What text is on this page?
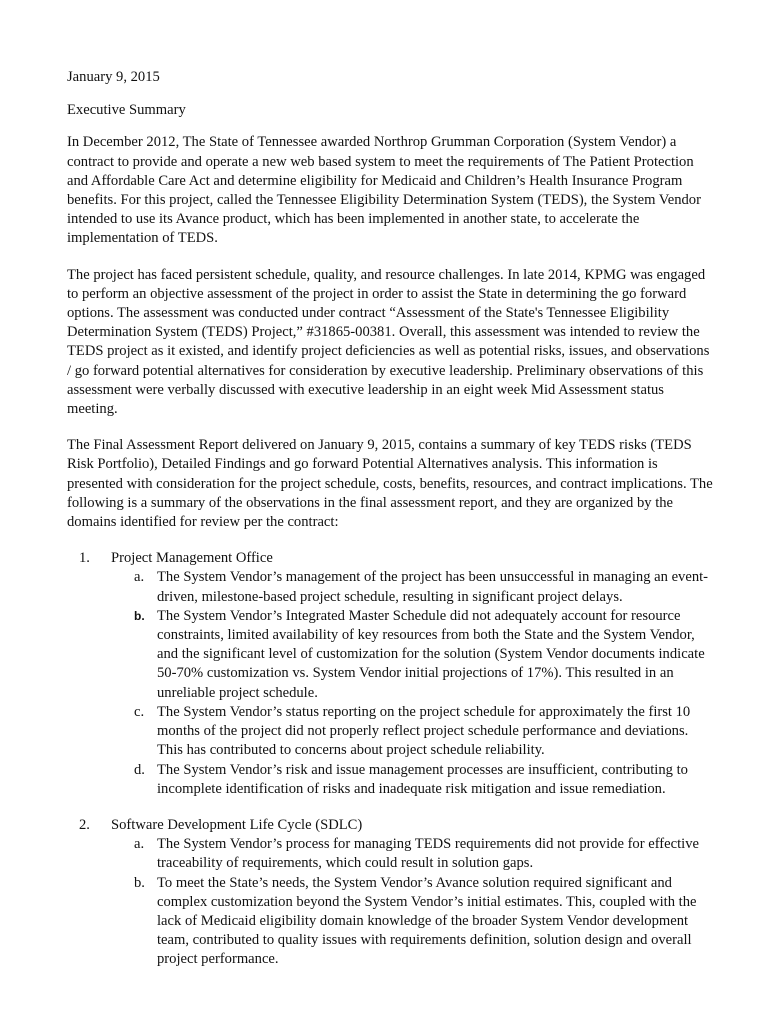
January 9, 2015

Executive Summary

In December 2012, The State of Tennessee awarded Northrop Grumman Corporation (System Vendor) a contract to provide and operate a new web based system to meet the requirements of The Patient Protection and Affordable Care Act and determine eligibility for Medicaid and Children’s Health Insurance Program benefits. For this project, called the Tennessee Eligibility Determination System (TEDS), the System Vendor intended to use its Avance product, which has been implemented in another state, to accelerate the implementation of TEDS.

The project has faced persistent schedule, quality, and resource challenges. In late 2014, KPMG was engaged to perform an objective assessment of the project in order to assist the State in determining the go forward options. The assessment was conducted under contract “Assessment of the State's Tennessee Eligibility Determination System (TEDS) Project,” #31865-00381. Overall, this assessment was intended to review the TEDS project as it existed, and identify project deficiencies as well as potential risks, issues, and observations / go forward potential alternatives for consideration by executive leadership. Preliminary observations of this assessment were verbally discussed with executive leadership in an eight week Mid Assessment status meeting.

The Final Assessment Report delivered on January 9, 2015, contains a summary of key TEDS risks (TEDS Risk Portfolio), Detailed Findings and go forward Potential Alternatives analysis. This information is presented with consideration for the project schedule, costs, benefits, resources, and contract implications. The following is a summary of the observations in the final assessment report, and they are organized by the domains identified for review per the contract:

1. Project Management Office

a. The System Vendor’s management of the project has been unsuccessful in managing an event-driven, milestone-based project schedule, resulting in significant project delays.
b. The System Vendor’s Integrated Master Schedule did not adequately account for resource constraints, limited availability of key resources from both the State and the System Vendor, and the significant level of customization for the solution (System Vendor documents indicate 50-70% customization vs. System Vendor initial projections of 17%). This resulted in an unreliable project schedule.
c. The System Vendor’s status reporting on the project schedule for approximately the first 10 months of the project did not properly reflect project schedule performance and deviations. This has contributed to concerns about project schedule reliability.
d. The System Vendor’s risk and issue management processes are insufficient, contributing to incomplete identification of risks and inadequate risk mitigation and issue remediation.
2. Software Development Life Cycle (SDLC)

a. The System Vendor’s process for managing TEDS requirements did not provide for effective traceability of requirements, which could result in solution gaps.
b. To meet the State’s needs, the System Vendor’s Avance solution required significant and complex customization beyond the System Vendor’s initial estimates. This, coupled with the lack of Medicaid eligibility domain knowledge of the broader System Vendor development team, contributed to quality issues with requirements definition, solution design and overall project performance.
